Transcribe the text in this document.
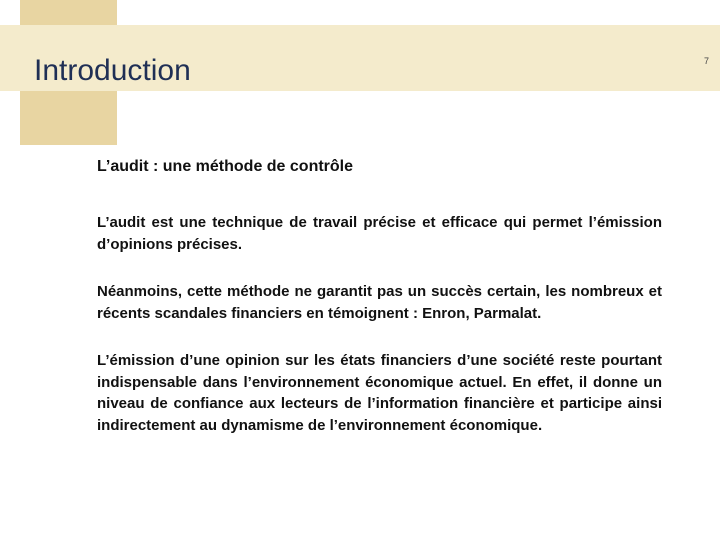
Introduction	7

L’audit : une méthode de contrôle

L’audit est une technique de travail précise et efficace qui permet l’émission d’opinions précises.

Néanmoins, cette méthode ne garantit pas un succès certain, les nombreux et récents scandales financiers en témoignent : Enron, Parmalat.

L’émission d’une opinion sur les états financiers d’une société reste pourtant indispensable dans l’environnement économique actuel. En effet, il donne un niveau de confiance aux lecteurs de l’information financière et participe ainsi indirectement au dynamisme de l’environnement économique.
